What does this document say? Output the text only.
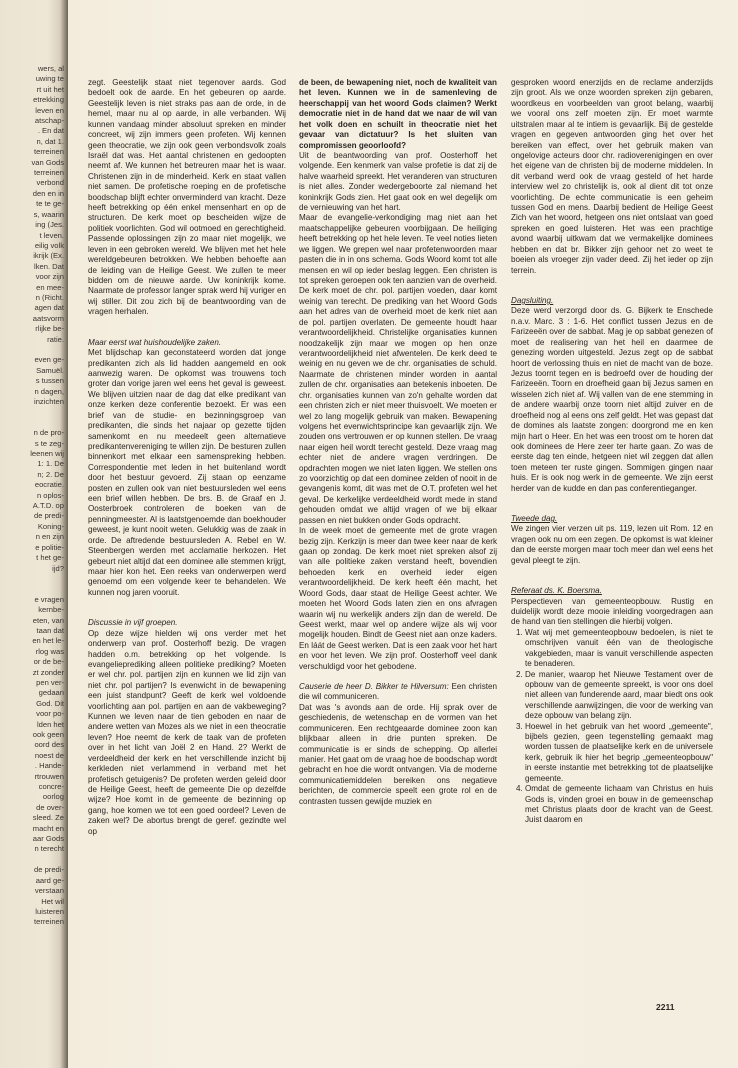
wers, al
uwing te
rt uit het
etrekking
leven en
atschap-
. En dat
n, dat 1.
terreinen
van Gods
terreinen
verbond
den en in
te te ge-
s, waarin
ing (Jes.
t leven.
eilig volk
ikrijk (Ex.
lken. Dat
voor zijn
en mee-
n (Richt.
agen dat
aatsvorm
rlijke be-
ratie.
even ge-
Samuël.
s tussen
n dagen,
inzichten
n de pro-
s te zeg-
leenen wij
1: 1. De
n; 2. De
eocratie.
n oplos-
A.T.D. op
de predi-
Koning-
n en zijn
e politie-
t het ge-
ijd?
e vragen
kernbe-
eten, van
taan dat
en het le-
rlog was
or de be-
zt zonder
pen ver-
gedaan
God. Dit
voor po-
lden het
ook geen
oord des
noest de
. Hande-
rtrouwen
concre-
oorlog
de over-
sleed. Ze
macht en
aar Gods
n terecht
de predi-
aard ge-
verstaan
Het wil
luisteren
terreinen

zegt. Geestelijk staat niet tegenover aards. God bedoelt ook de aarde. En het gebeuren op aarde. Geestelijk leven is niet straks pas aan de orde, in de hemel, maar nu al op aarde, in alle verbanden. Wij kunnen vandaag minder absoluut spreken en minder concreet, wij zijn immers geen profeten. Wij kennen geen theocratie, we zijn ook geen verbondsvolk zoals Israël dat was. Het aantal christenen en gedoopten neemt af. We kunnen het betreuren maar het is waar. Christenen zijn in de minderheid. Kerk en staat vallen niet samen. De profetische roeping en de profetische boodschap blijft echter onverminderd van kracht. Deze heeft betrekking op één enkel mensenhart en op de structuren. De kerk moet op bescheiden wijze de politiek voorlichten. God wil ootmoed en gerechtigheid. Passende oplossingen zijn zo maar niet mogelijk, we leven in een gebroken wereld. We blijven met het hele wereldgebeuren betrokken. We hebben behoefte aan de leiding van de Heilige Geest. We zullen te meer bidden om de nieuwe aarde. Uw koninkrijk kome. Naarmate de professor langer sprak werd hij vuriger en wij stiller. Dit zou zich bij de beantwoording van de vragen herhalen.

Maar eerst wat huishoudelijke zaken.

Met blijdschap kan geconstateerd worden dat jonge predikanten zich als lid hadden aangemeld en ook aanwezig waren. De opkomst was trouwens toch groter dan vorige jaren wel eens het geval is geweest. We blijven uitzien naar de dag dat elke predikant van onze kerken deze conferentie bezoekt. Er was een brief van de studie- en bezinningsgroep van predikanten, die sinds het najaar op gezette tijden samenkomt en nu meedeelt geen alternatieve predikantenvereniging te willen zijn. De besturen zullen binnenkort met elkaar een samenspreking hebben. Correspondentie met leden in het buitenland wordt door het bestuur gevoerd. Zij staan op eenzame posten en zullen ook van niet bestuursleden wel eens een brief willen hebben. De brs. B. de Graaf en J. Oosterbroek controleren de boeken van de penningmeester. Al is laatstgenoemde dan boekhouder geweest, je kunt nooit weten. Gelukkig was de zaak in orde. De aftredende bestuursleden A. Rebel en W. Steenbergen werden met acclamatie herkozen. Het gebeurt niet altijd dat een dominee alle stemmen krijgt, maar hier kon het. Een reeks van onderwerpen werd genoemd om een volgende keer te behandelen. We kunnen nog jaren vooruit.

Discussie in vijf groepen.

Op deze wijze hielden wij ons verder met het onderwerp van prof. Oosterhoff bezig. De vragen hadden o.m. betrekking op het volgende. Is evangelieprediking alleen politieke prediking? Moeten er wel chr. pol. partijen zijn en kunnen we lid zijn van niet chr. pol partijen? Is evenwicht in de bewapening een juist standpunt? Geeft de kerk wel voldoende voorlichting aan pol. partijen en aan de vakbeweging? Kunnen we leven naar de tien geboden en naar de andere wetten van Mozes als we niet in een theocratie leven? Hoe neemt de kerk de taak van de profeten over in het licht van Joël 2 en Hand. 2? Werkt de verdeeldheid der kerk en het verschillende inzicht bij kerkleden niet verlammend in verband met het profetisch getuigenis? De profeten werden geleid door de Heilige Geest, heeft de gemeente Die op dezelfde wijze? Hoe komt in de gemeente de bezinning op gang, hoe komen we tot een goed oordeel? Leven de zaken wel? De abortus brengt de geref. gezindte wel op

de been, de bewapening niet, noch de kwaliteit van het leven. Kunnen we in de samenleving de heerschappij van het woord Gods claimen? Werkt democratie niet in de hand dat we naar de wil van het volk doen en schuilt in theocratie niet het gevaar van dictatuur? Is het sluiten van compromissen geoorloofd?

Uit de beantwoording van prof. Oosterhoff het volgende. Een kenmerk van valse profetie is dat zij de halve waarheid spreekt. Het veranderen van structuren is niet alles. Zonder wedergeboorte zal niemand het koninkrijk Gods zien. Het gaat ook en wel degelijk om de vernieuwing van het hart.

Maar de evangelie-verkondiging mag niet aan het maatschappelijke gebeuren voorbijgaan. De heiliging heeft betrekking op het hele leven. Te veel noties lieten we liggen. We grepen wel naar profetenwoorden maar pasten die in in ons schema. Gods Woord komt tot alle mensen en wil op ieder beslag leggen. Een christen is tot spreken geroepen ook ten aanzien van de overheid. De kerk moet de chr. pol. partijen voeden, daar komt weinig van terecht. De prediking van het Woord Gods aan het adres van de overheid moet de kerk niet aan de pol. partijen overlaten. De gemeente houdt haar verantwoordelijkheid. Christelijke organisaties kunnen noodzakelijk zijn maar we mogen op hen onze verantwoordelijkheid niet afwentelen. De kerk deed te weinig en nu geven we de chr. organisaties de schuld. Naarmate de christenen minder worden in aantal zullen de chr. organisaties aan betekenis inboeten. De chr. organisaties kunnen van zo'n gehalte worden dat een christen zich er niet meer thuisvoelt. We moeten er wel zo lang mogelijk gebruik van maken. Bewapening volgens het evenwichtsprincipe kan gevaarlijk zijn. We zouden ons vertrouwen er op kunnen stellen. De vraag naar eigen heil wordt terecht gesteld. Deze vraag mag echter niet de andere vragen verdringen. De opdrachten mogen we niet laten liggen. We stellen ons zo voorzichtig op dat een dominee zelden of nooit in de gevangenis komt, dit was met de O.T. profeten wel het geval. De kerkelijke verdeeldheid wordt mede in stand gehouden omdat we altijd vragen of we bij elkaar passen en niet bukken onder Gods opdracht.

In de week moet de gemeente met de grote vragen bezig zijn. Kerkzijn is meer dan twee keer naar de kerk gaan op zondag. De kerk moet niet spreken alsof zij van alle politieke zaken verstand heeft, bovendien behoeden kerk en overheid ieder eigen verantwoordelijkheid. De kerk heeft één macht, het Woord Gods, daar staat de Heilige Geest achter. We moeten het Woord Gods laten zien en ons afvragen waarin wij nu werkelijk anders zijn dan de wereld. De Geest werkt, maar wel op andere wijze als wij voor mogelijk houden. Bindt de Geest niet aan onze kaders. En láát de Geest werken. Dat is een zaak voor het hart en voor het leven. We zijn prof. Oosterhoff veel dank verschuldigd voor het gebodene.

Causerie de heer D. Bikker te Hilversum: Een christen die wil communiceren.

Dat was 's avonds aan de orde. Hij sprak over de geschiedenis, de wetenschap en de vormen van het communiceren. Een rechtgeaarde dominee zoon kan blijkbaar alleen in drie punten spreken. De communicatie is er sinds de schepping. Op allerlei manier. Het gaat om de vraag hoe de boodschap wordt gebracht en hoe die wordt ontvangen. Via de moderne communicatiemiddelen bereiken ons negatieve berichten, de commercie speelt een grote rol en de contrasten tussen gewijde muziek en

gesproken woord enerzijds en de reclame anderzijds zijn groot. Als we onze woorden spreken zijn gebaren, woordkeus en voorbeelden van groot belang, waarbij we vooral ons zelf moeten zijn. Er moet warmte uitstralen maar al te intiem is gevaarlijk. Bij de gestelde vragen en gegeven antwoorden ging het over het bereiken van effect, over het gebruik maken van ongelovige acteurs door chr. radioverenigingen en over het eigene van de christen bij de moderne middelen. In dit verband werd ook de vraag gesteld of het harde interview wel zo christelijk is, ook al dient dit tot onze voorlichting. De echte communicatie is een geheim tussen God en mens. Daarbij bedient de Heilige Geest Zich van het woord, hetgeen ons niet ontslaat van goed spreken en goed luisteren. Het was een prachtige avond waarbij uitkwam dat we vermakelijke dominees hebben en dat br. Bikker zijn gehoor net zo weet te boeien als vroeger zijn vader deed. Zij het ieder op zijn terrein.

Dagsluiting.

Deze werd verzorgd door ds. G. Bijkerk te Enschede n.a.v. Marc. 3 : 1-6. Het conflict tussen Jezus en de Farizeeën over de sabbat. Mag je op sabbat genezen of moet de realisering van het heil en daarmee de genezing worden uitgesteld. Jezus zegt op de sabbat hoort de verlossing thuis en niet de macht van de boze. Jezus toornt tegen en is bedroefd over de houding der Farizeeën. Toorn en droefheid gaan bij Jezus samen en wisselen zich niet af. Wij vallen van de ene stemming in de andere waarbij onze toorn niet altijd zuiver en de droefheid nog al eens ons zelf geldt. Het was gepast dat de domines als laatste zongen: doorgrond me en ken mijn hart o Heer. En het was een troost om te horen dat ook dominees de Here zeer ter harte gaan. Zo was de eerste dag ten einde, hetgeen niet wil zeggen dat allen toen meteen ter ruste gingen. Sommigen gingen naar huis. Er is ook nog werk in de gemeente. We zijn eerst herder van de kudde en dan pas conferentieganger.

Tweede dag.

We zingen vier verzen uit ps. 119, lezen uit Rom. 12 en vragen ook nu om een zegen. De opkomst is wat kleiner dan de eerste morgen maar toch meer dan wel eens het geval pleegt te zijn.

Referaat ds. K. Boersma.

Perspectieven van gemeenteopbouw. Rustig en duidelijk wordt deze mooie inleiding voorgedragen aan de hand van tien stellingen die hierbij volgen.

1. Wat wij met gemeenteopbouw bedoelen, is niet te omschrijven vanuit één van de theologische vakgebieden, maar is vanuit verschillende aspecten te benaderen.
2. De manier, waarop het Nieuwe Testament over de opbouw van de gemeente spreekt, is voor ons doel niet alleen van funderende aard, maar biedt ons ook verschillende aanwijzingen, die voor de werking van deze opbouw van belang zijn.
3. Hoewel in het gebruik van het woord „gemeente", bijbels gezien, geen tegenstelling gemaakt mag worden tussen de plaatselijke kerk en de universele kerk, gebruik ik hier het begrip „gemeenteopbouw" in eerste instantie met betrekking tot de plaatselijke gemeente.
4. Omdat de gemeente lichaam van Christus en huis Gods is, vinden groei en bouw in de gemeenschap met Christus plaats door de kracht van de Geest. Juist daarom en
2211
